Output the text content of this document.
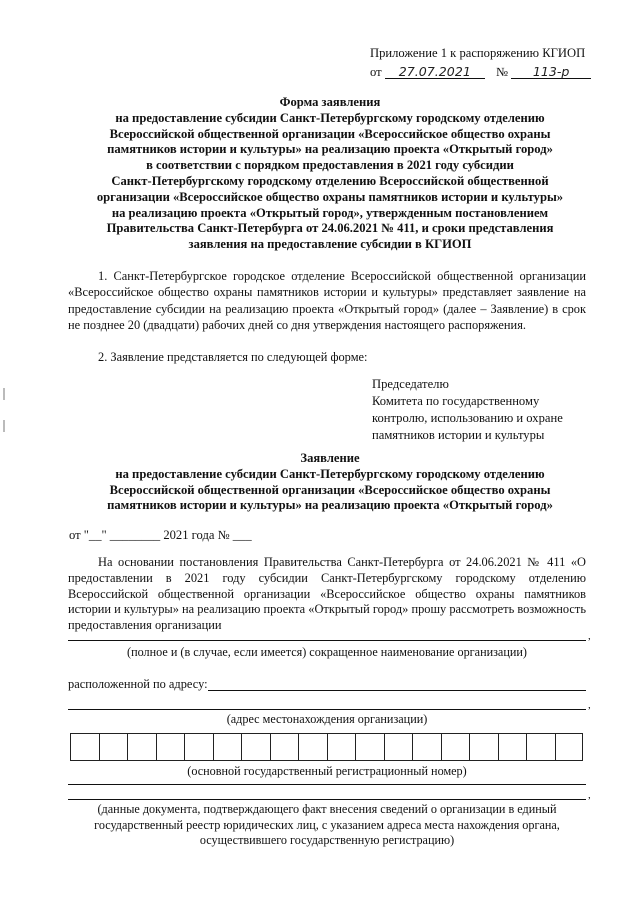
Приложение 1 к распоряжению КГИОП
от 27.07.2021 № 113-р
Форма заявления
на предоставление субсидии Санкт-Петербургскому городскому отделению
Всероссийской общественной организации «Всероссийское общество охраны
памятников истории и культуры» на реализацию проекта «Открытый город»
в соответствии с порядком предоставления в 2021 году субсидии
Санкт-Петербургскому городскому отделению Всероссийской общественной
организации «Всероссийское общество охраны памятников истории и культуры»
на реализацию проекта «Открытый город», утвержденным постановлением
Правительства Санкт-Петербурга от 24.06.2021 № 411, и сроки представления
заявления на предоставление субсидии в КГИОП
1. Санкт-Петербургское городское отделение Всероссийской общественной организации «Всероссийское общество охраны памятников истории и культуры» представляет заявление на предоставление субсидии на реализацию проекта «Открытый город» (далее – Заявление) в срок не позднее 20 (двадцати) рабочих дней со дня утверждения настоящего распоряжения.
2. Заявление представляется по следующей форме:
Председателю
Комитета по государственному
контролю, использованию и охране
памятников истории и культуры
Заявление
на предоставление субсидии Санкт-Петербургскому городскому отделению
Всероссийской общественной организации «Всероссийское общество охраны
памятников истории и культуры» на реализацию проекта «Открытый город»
от "__" ________ 2021 года № ___
На основании постановления Правительства Санкт-Петербурга от 24.06.2021 № 411 «О предоставлении в 2021 году субсидии Санкт-Петербургскому городскому отделению Всероссийской общественной организации «Всероссийское общество охраны памятников истории и культуры» на реализацию проекта «Открытый город» прошу рассмотреть возможность предоставления организации
,
(полное и (в случае, если имеется) сокращенное наименование организации)
расположенной по адресу:
,
(адрес местонахождения организации)
(основной государственный регистрационный номер)
,
(данные документа, подтверждающего факт внесения сведений о организации в единый
государственный реестр юридических лиц, с указанием адреса места нахождения органа,
осуществившего государственную регистрацию)
